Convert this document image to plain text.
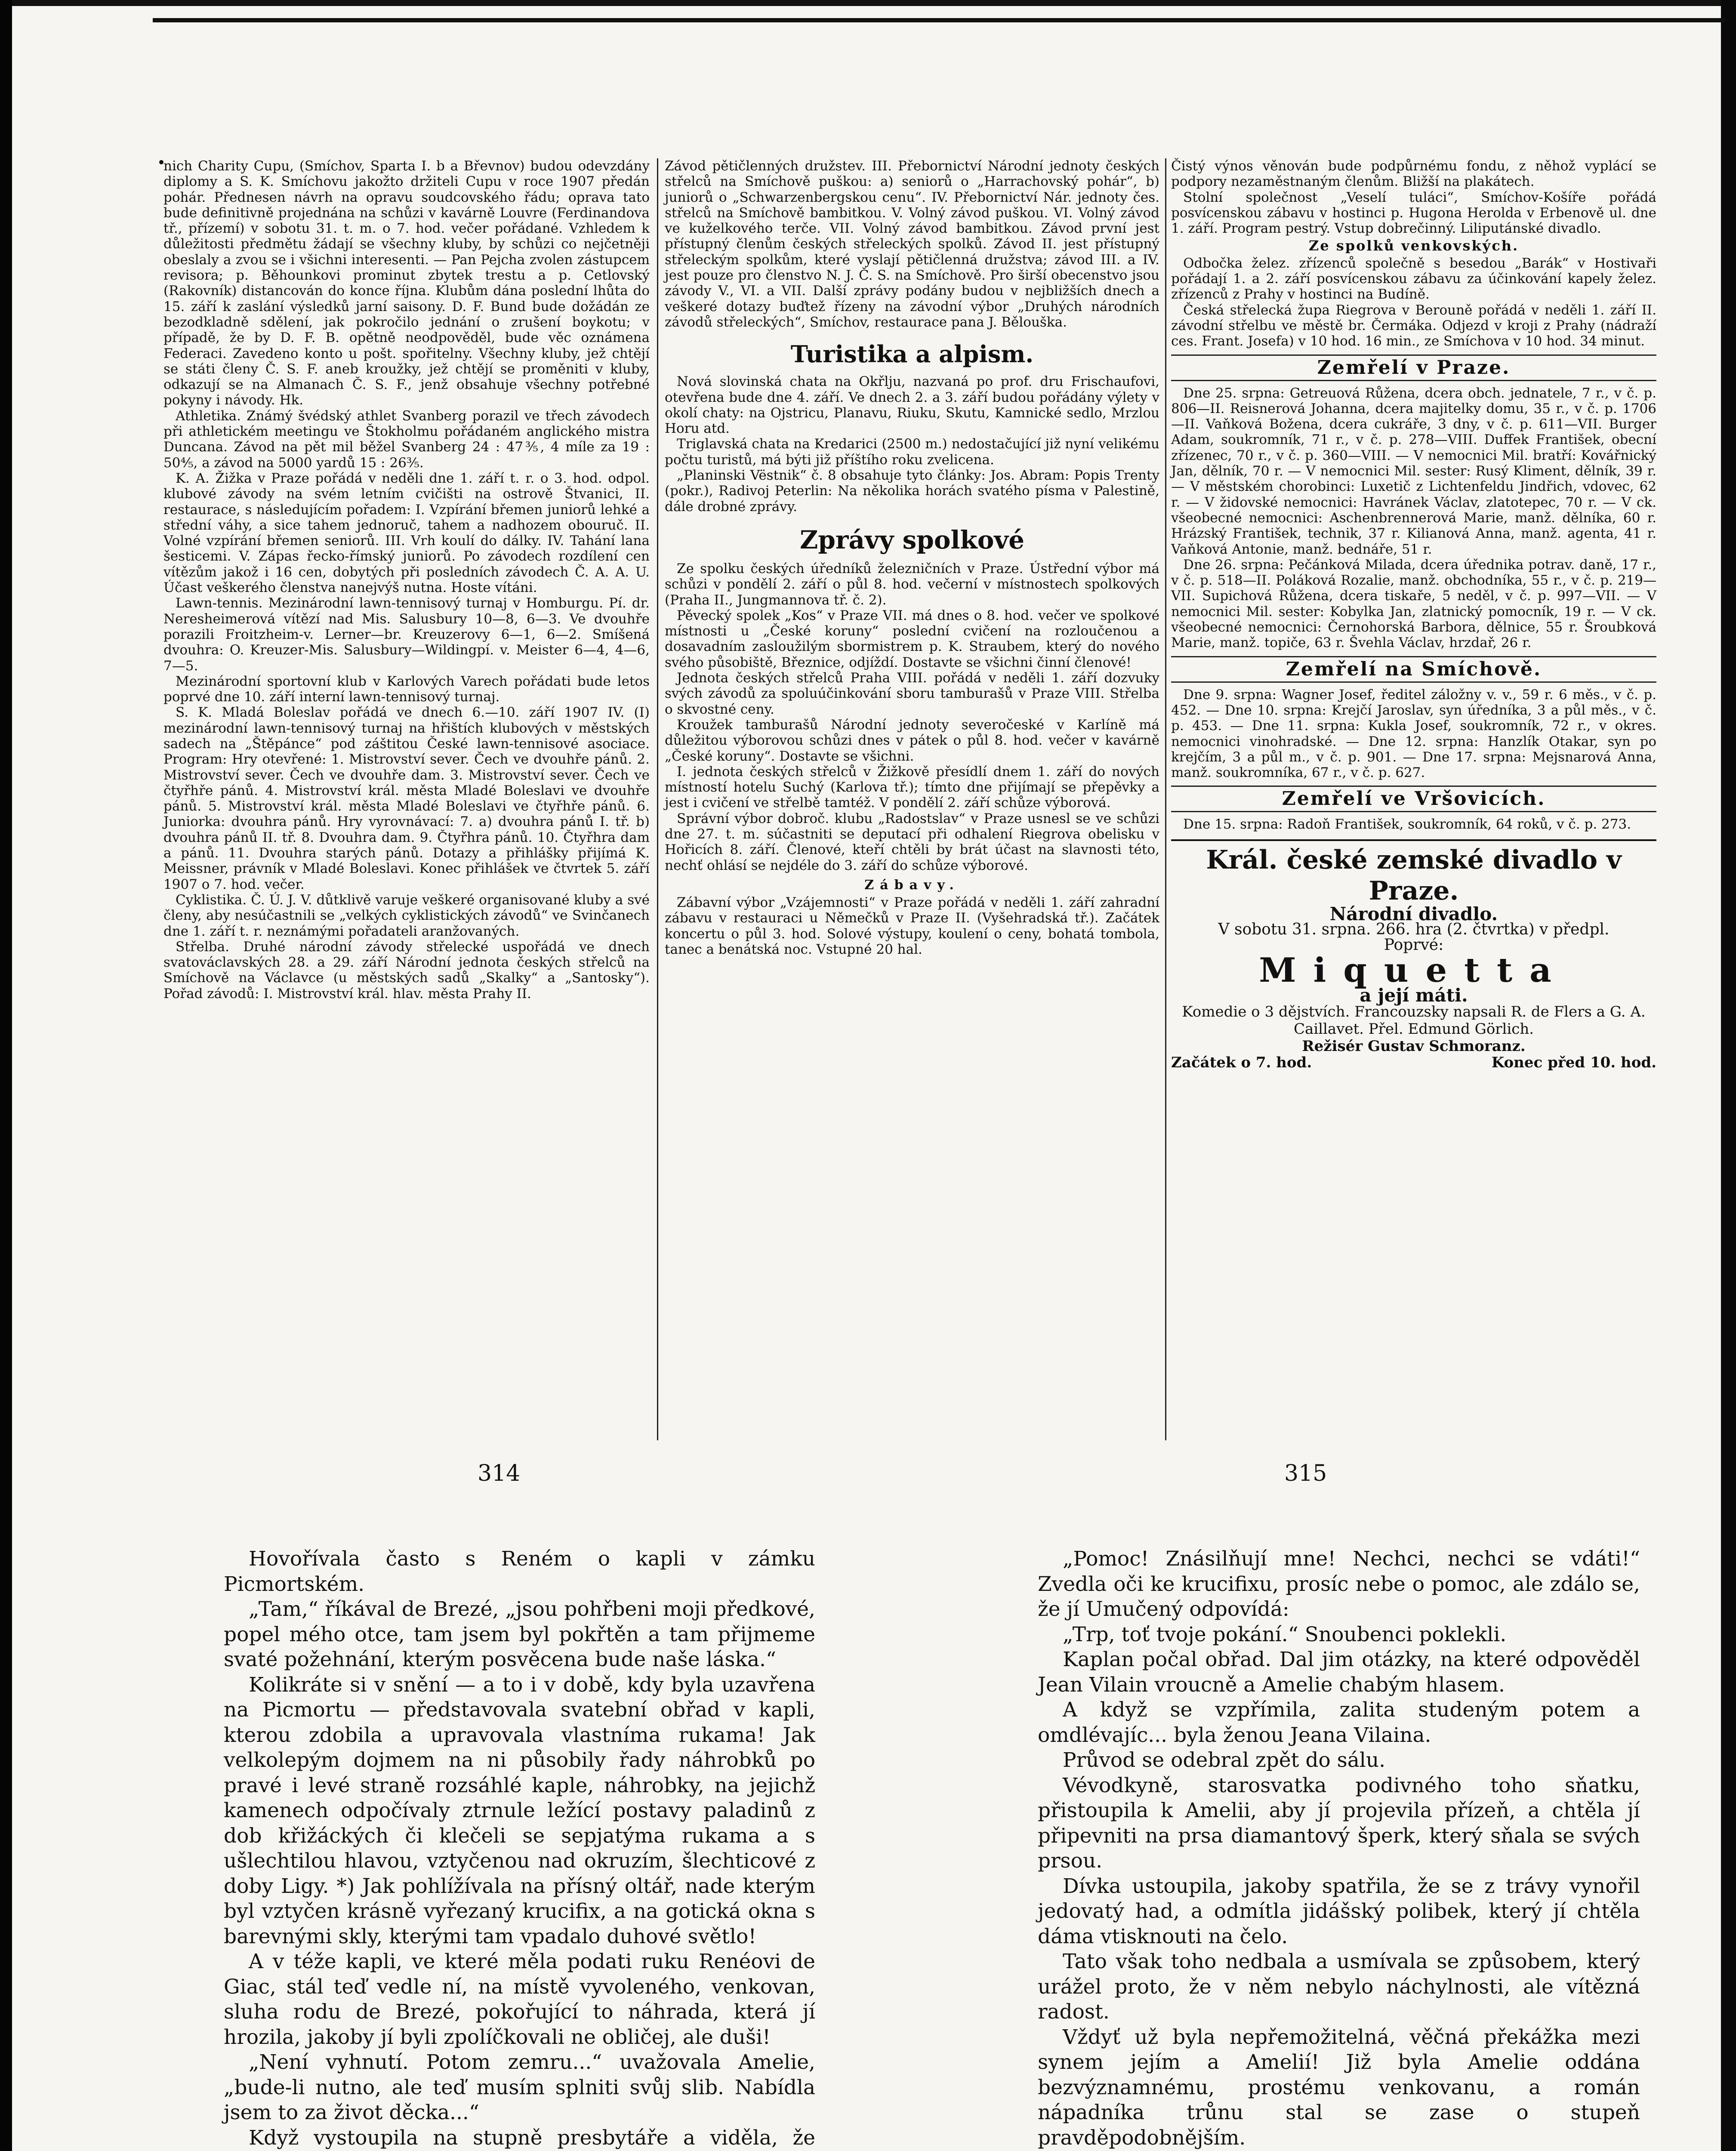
nich Charity Cupu, (Smíchov, Sparta I. b a Břevnov) budou odevzdány diplomy a S. K. Smíchovu jakožto držiteli Cupu v roce 1907 předán pohár. Přednesen návrh na opravu soudcovského řádu; oprava tato bude definitivně projednána na schůzi v kavárně Louvre (Ferdinandova tř., přízemí) v sobotu 31. t. m. o 7. hod. večer pořádané. Vzhledem k důležitosti předmětu žádají se všechny kluby, by schůzi co nejčetněji obeslaly a zvou se i všichni interesenti. — Pan Pejcha zvolen zástupcem revisora; p. Běhounkovi prominut zbytek trestu a p. Cetlovský (Rakovník) distancován do konce října. Klubům dána poslední lhůta do 15. září k zaslání výsledků jarní saisony. D. F. Bund bude dožádán ze bezodkladně sdělení, jak pokročilo jednání o zrušení boykotu; v případě, že by D. F. B. opětně neodpověděl, bude věc oznámena Federaci. Zavedeno konto u pošt. spořitelny. Všechny kluby, jež chtějí se státi členy Č. S. F. aneb kroužky, jež chtějí se proměniti v kluby, odkazují se na Almanach Č. S. F., jenž obsahuje všechny potřebné pokyny i návody. Hk.

Athletika. Známý švédský athlet Svanberg porazil ve třech závodech při athletickém meetingu ve Štokholmu pořádaném anglického mistra Duncana. Závod na pět mil běžel Svanberg 24 : 47⅗, 4 míle za 19 : 50⅘, a závod na 5000 yardů 15 : 26⅗.

K. A. Žižka v Praze pořádá v neděli dne 1. září t. r. o 3. hod. odpol. klubové závody na svém letním cvičišti na ostrově Štvanici, II. restaurace, s následujícím pořadem: I. Vzpírání břemen juniorů lehké a střední váhy, a sice tahem jednoruč, tahem a nadhozem obouruč. II. Volné vzpírání břemen seniorů. III. Vrh koulí do dálky. IV. Tahání lana šesticemi. V. Zápas řecko-římský juniorů. Po závodech rozdílení cen vítězům jakož i 16 cen, dobytých při posledních závodech Č. A. A. U. Účast veškerého členstva nanejvýš nutna. Hoste vítáni.

Lawn-tennis. Mezinárodní lawn-tennisový turnaj v Homburgu. Pí. dr. Neresheimerová vítězí nad Mis. Salusbury 10—8, 6—3. Ve dvouhře porazili Froitzheim-v. Lerner—br. Kreuzerovy 6—1, 6—2. Smíšená dvouhra: O. Kreuzer-Mis. Salusbury—Wildingpí. v. Meister 6—4, 4—6, 7—5.

Mezinárodní sportovní klub v Karlových Varech pořádati bude letos poprvé dne 10. září interní lawn-tennisový turnaj.

S. K. Mladá Boleslav pořádá ve dnech 6.—10. září 1907 IV. (I) mezinárodní lawn-tennisový turnaj na hřištích klubových v městských sadech na „Štěpánce“ pod záštitou České lawn-tennisové asociace. Program: Hry otevřené: 1. Mistrovství sever. Čech ve dvouhře pánů. 2. Mistrovství sever. Čech ve dvouhře dam. 3. Mistrovství sever. Čech ve čtyřhře pánů. 4. Mistrovství král. města Mladé Boleslavi ve dvouhře pánů. 5. Mistrovství král. města Mladé Boleslavi ve čtyřhře pánů. 6. Juniorka: dvouhra pánů. Hry vyrovnávací: 7. a) dvouhra pánů I. tř. b) dvouhra pánů II. tř. 8. Dvouhra dam. 9. Čtyřhra pánů. 10. Čtyřhra dam a pánů. 11. Dvouhra starých pánů. Dotazy a přihlášky přijímá K. Meissner, právník v Mladé Boleslavi. Konec přihlášek ve čtvrtek 5. září 1907 o 7. hod. večer.

Cyklistika. Č. Ú. J. V. důtklivě varuje veškeré organisované kluby a své členy, aby nesúčastnili se „velkých cyklistických závodů“ ve Svinčanech dne 1. září t. r. neznámými pořadateli aranžovaných.

Střelba. Druhé národní závody střelecké uspořádá ve dnech svatováclavských 28. a 29. září Národní jednota českých střelců na Smíchově na Václavce (u městských sadů „Skalky“ a „Santosky“). Pořad závodů: I. Mistrovství král. hlav. města Prahy II.

Závod pětičlenných družstev. III. Přebornictví Národní jednoty českých střelců na Smíchově puškou: a) seniorů o „Harrachovský pohár“, b) juniorů o „Schwarzenbergskou cenu“. IV. Přebornictví Nár. jednoty čes. střelců na Smíchově bambitkou. V. Volný závod puškou. VI. Volný závod ve kuželkového terče. VII. Volný závod bambitkou. Závod první jest přístupný členům českých střeleckých spolků. Závod II. jest přístupný střeleckým spolkům, které vyslají pětičlenná družstva; závod III. a IV. jest pouze pro členstvo N. J. Č. S. na Smíchově. Pro širší obecenstvo jsou závody V., VI. a VII. Další zprávy podány budou v nejbližších dnech a veškeré dotazy buďtež řízeny na závodní výbor „Druhých národních závodů střeleckých“, Smíchov, restaurace pana J. Bělouška.

Turistika a alpism.

Nová slovinská chata na Okřlju, nazvaná po prof. dru Frischaufovi, otevřena bude dne 4. září. Ve dnech 2. a 3. září budou pořádány výlety v okolí chaty: na Ojstricu, Planavu, Riuku, Skutu, Kamnické sedlo, Mrzlou Horu atd.

Triglavská chata na Kredarici (2500 m.) nedostačující již nyní velikému počtu turistů, má býti již příštího roku zvelicena.

„Planinski Vëstnik“ č. 8 obsahuje tyto články: Jos. Abram: Popis Trenty (pokr.), Radivoj Peterlin: Na několika horách svatého písma v Palestině, dále drobné zprávy.

Zprávy spolkové

Ze spolku českých úředníků železničních v Praze. Ústřední výbor má schůzi v pondělí 2. září o půl 8. hod. večerní v místnostech spolkových (Praha II., Jungmannova tř. č. 2).

Pěvecký spolek „Kos“ v Praze VII. má dnes o 8. hod. večer ve spolkové místnosti u „České koruny“ poslední cvičení na rozloučenou a dosavadním zasloužilým sbormistrem p. K. Straubem, který do nového svého působiště, Březnice, odjíždí. Dostavte se všichni činní členové!

Jednota českých střelců Praha VIII. pořádá v neděli 1. září dozvuky svých závodů za spoluúčinkování sboru tamburašů v Praze VIII. Střelba o skvostné ceny.

Kroužek tamburašů Národní jednoty severočeské v Karlíně má důležitou výborovou schůzi dnes v pátek o půl 8. hod. večer v kavárně „České koruny“. Dostavte se všichni.

I. jednota českých střelců v Žižkově přesídlí dnem 1. září do nových místností hotelu Suchý (Karlova tř.); tímto dne přijímají se přepěvky a jest i cvičení ve střelbě tamtéž. V pondělí 2. září schůze výborová.

Správní výbor dobroč. klubu „Radostslav“ v Praze usnesl se ve schůzi dne 27. t. m. súčastniti se deputací při odhalení Riegrova obelisku v Hořicích 8. září. Členové, kteří chtěli by brát účast na slavnosti této, nechť ohlásí se nejdéle do 3. září do schůze výborové.

Zábavy.

Zábavní výbor „Vzájemnosti“ v Praze pořádá v neděli 1. září zahradní zábavu v restauraci u Němečků v Praze II. (Vyšehradská tř.). Začátek koncertu o půl 3. hod. Solové výstupy, koulení o ceny, bohatá tombola, tanec a benátská noc. Vstupné 20 hal.

Čistý výnos věnován bude podpůrnému fondu, z něhož vyplácí se podpory nezaměstnaným členům. Bližší na plakátech.

Stolní společnost „Veselí tuláci“, Smíchov-Košíře pořádá posvícenskou zábavu v hostinci p. Hugona Herolda v Erbenově ul. dne 1. září. Program pestrý. Vstup dobrečinný. Liliputánské divadlo.

Ze spolků venkovských.

Odbočka želez. zřízenců společně s besedou „Barák“ v Hostivaři pořádají 1. a 2. září posvícenskou zábavu za účinkování kapely želez. zřízenců z Prahy v hostinci na Budíně.

Česká střelecká župa Riegrova v Berouně pořádá v neděli 1. září II. závodní střelbu ve městě br. Čermáka. Odjezd v kroji z Prahy (nádraží ces. Frant. Josefa) v 10 hod. 16 min., ze Smíchova v 10 hod. 34 minut.

Zemřelí v Praze.

Dne 25. srpna: Getreuová Růžena, dcera obch. jednatele, 7 r., v č. p. 806—II. Reisnerová Johanna, dcera majitelky domu, 35 r., v č. p. 1706—II. Vaňková Božena, dcera cukráře, 3 dny, v č. p. 611—VII. Burger Adam, soukromník, 71 r., v č. p. 278—VIII. Duffek František, obecní zřízenec, 70 r., v č. p. 360—VIII. — V nemocnici Mil. bratří: Kovářnický Jan, dělník, 70 r. — V nemocnici Mil. sester: Rusý Kliment, dělník, 39 r. — V městském chorobinci: Luxetič z Lichtenfeldu Jindřich, vdovec, 62 r. — V židovské nemocnici: Havránek Václav, zlatotepec, 70 r. — V ck. všeobecné nemocnici: Aschenbrennerová Marie, manž. dělníka, 60 r. Hrázský František, technik, 37 r. Kilianová Anna, manž. agenta, 41 r. Vaňková Antonie, manž. bednáře, 51 r.

Dne 26. srpna: Pečánková Milada, dcera úřednika potrav. daně, 17 r., v č. p. 518—II. Poláková Rozalie, manž. obchodníka, 55 r., v č. p. 219—VII. Supichová Růžena, dcera tiskaře, 5 neděl, v č. p. 997—VII. — V nemocnici Mil. sester: Kobylka Jan, zlatnický pomocník, 19 r. — V ck. všeobecné nemocnici: Černohorská Barbora, dělnice, 55 r. Šroubková Marie, manž. topiče, 63 r. Švehla Václav, hrzdař, 26 r.

Zemřelí na Smíchově.

Dne 9. srpna: Wagner Josef, ředitel záložny v. v., 59 r. 6 měs., v č. p. 452. — Dne 10. srpna: Krejčí Jaroslav, syn úředníka, 3 a půl měs., v č. p. 453. — Dne 11. srpna: Kukla Josef, soukromník, 72 r., v okres. nemocnici vinohradské. — Dne 12. srpna: Hanzlík Otakar, syn po krejčím, 3 a půl m., v č. p. 901. — Dne 17. srpna: Mejsnarová Anna, manž. soukromníka, 67 r., v č. p. 627.

Zemřelí ve Vršovicích.

Dne 15. srpna: Radoň František, soukromník, 64 roků, v č. p. 273.

Král. české zemské divadlo v Praze.
Národní divadlo.
V sobotu 31. srpna. 266. hra (2. čtvrtka) v předpl.
Poprvé:
Miquetta
a její máti.
Komedie o 3 dějstvích. Francouzsky napsali R. de Flers a G. A. Caillavet. Přel. Edmund Görlich.
Režisér Gustav Schmoranz.
Začátek o 7. hod.	Konec před 10. hod.
314	315

Hovořívala často s Reném o kapli v zámku Picmortském.

„Tam,“ říkával de Brezé, „jsou pohřbeni moji předkové, popel mého otce, tam jsem byl pokřtěn a tam přijmeme svaté požehnání, kterým posvěcena bude naše láska.“

Kolikráte si v snění — a to i v době, kdy byla uzavřena na Picmortu — představovala svatební obřad v kapli, kterou zdobila a upravovala vlastníma rukama! Jak velkolepým dojmem na ni působily řady náhrobků po pravé i levé straně rozsáhlé kaple, náhrobky, na jejichž kamenech odpočívaly ztrnule ležící postavy paladinů z dob křižáckých či klečeli se sepjatýma rukama a s ušlechtilou hlavou, vztyčenou nad okruzím, šlechticové z doby Ligy. *) Jak pohlížívala na přísný oltář, nade kterým byl vztyčen krásně vyřezaný krucifix, a na gotická okna s barevnými skly, kterými tam vpadalo duhové světlo!

A v téže kapli, ve které měla podati ruku Renéovi de Giac, stál teď vedle ní, na místě vyvoleného, venkovan, sluha rodu de Brezé, pokořující to náhrada, která jí hrozila, jakoby jí byli zpolíčkovali ne obličej, ale duši!

„Není vyhnutí. Potom zemru...“ uvažovala Amelie, „bude-li nutno, ale teď musím splniti svůj slib. Nabídla jsem to za život děcka...“

Když vystoupila na stupně presbytáře a viděla, že

„Pomoc! Znásilňují mne! Nechci, nechci se vdáti!“ Zvedla oči ke krucifixu, prosíc nebe o pomoc, ale zdálo se, že jí Umučený odpovídá:

„Trp, toť tvoje pokání.“ Snoubenci poklekli.

Kaplan počal obřad. Dal jim otázky, na které odpověděl Jean Vilain vroucně a Amelie chabým hlasem.

A když se vzpřímila, zalita studeným potem a omdlévajíc... byla ženou Jeana Vilaina.

Průvod se odebral zpět do sálu.

Vévodkyně, starosvatka podivného toho sňatku, přistoupila k Amelii, aby jí projevila přízeň, a chtěla jí připevniti na prsa diamantový šperk, který sňala se svých prsou.

Dívka ustoupila, jakoby spatřila, že se z trávy vynořil jedovatý had, a odmítla jidášský polibek, který jí chtěla dáma vtisknouti na čelo.

Tato však toho nedbala a usmívala se způsobem, který urážel proto, že v něm nebylo náchylnosti, ale vítězná radost.

Vždyť už byla nepřemožitelná, věčná překážka mezi synem jejím a Amelií! Již byla Amelie oddána bezvýznamnému, prostému venkovanu, a román nápadníka trůnu stal se zase o stupeň pravděpodobnějším.
